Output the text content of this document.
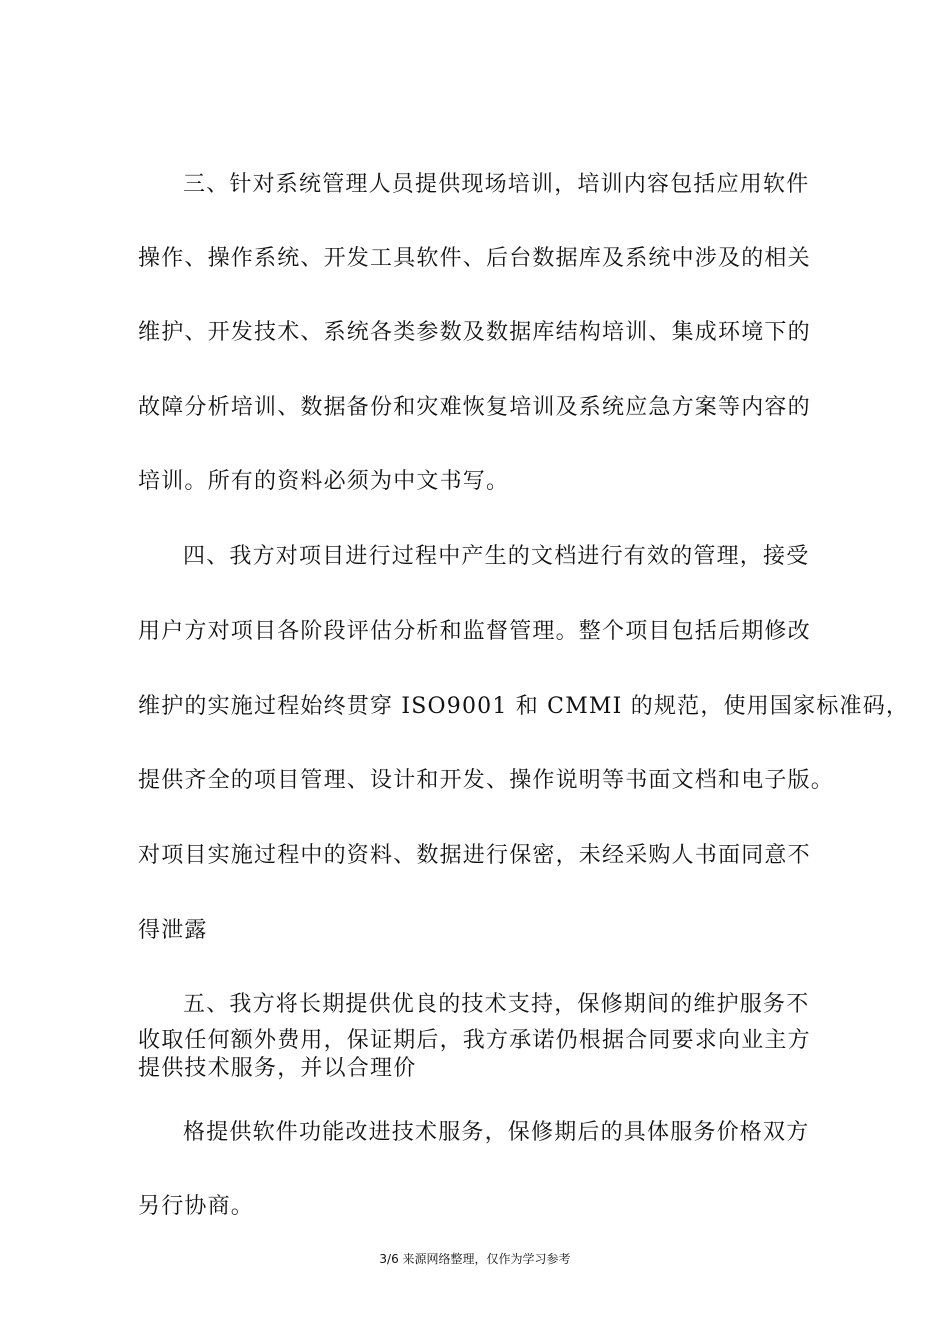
三、针对系统管理人员提供现场培训，培训内容包括应用软件
操作、操作系统、开发工具软件、后台数据库及系统中涉及的相关
维护、开发技术、系统各类参数及数据库结构培训、集成环境下的
故障分析培训、数据备份和灾难恢复培训及系统应急方案等内容的
培训。所有的资料必须为中文书写。
四、我方对项目进行过程中产生的文档进行有效的管理，接受
用户方对项目各阶段评估分析和监督管理。整个项目包括后期修改
维护的实施过程始终贯穿 ISO9001 和 CMMI 的规范，使用国家标准码，
提供齐全的项目管理、设计和开发、操作说明等书面文档和电子版。
对项目实施过程中的资料、数据进行保密，未经采购人书面同意不
得泄露
五、我方将长期提供优良的技术支持，保修期间的维护服务不
收取任何额外费用，保证期后，我方承诺仍根据合同要求向业主方
提供技术服务，并以合理价
格提供软件功能改进技术服务，保修期后的具体服务价格双方
另行协商。
3/6 来源网络整理，仅作为学习参考
